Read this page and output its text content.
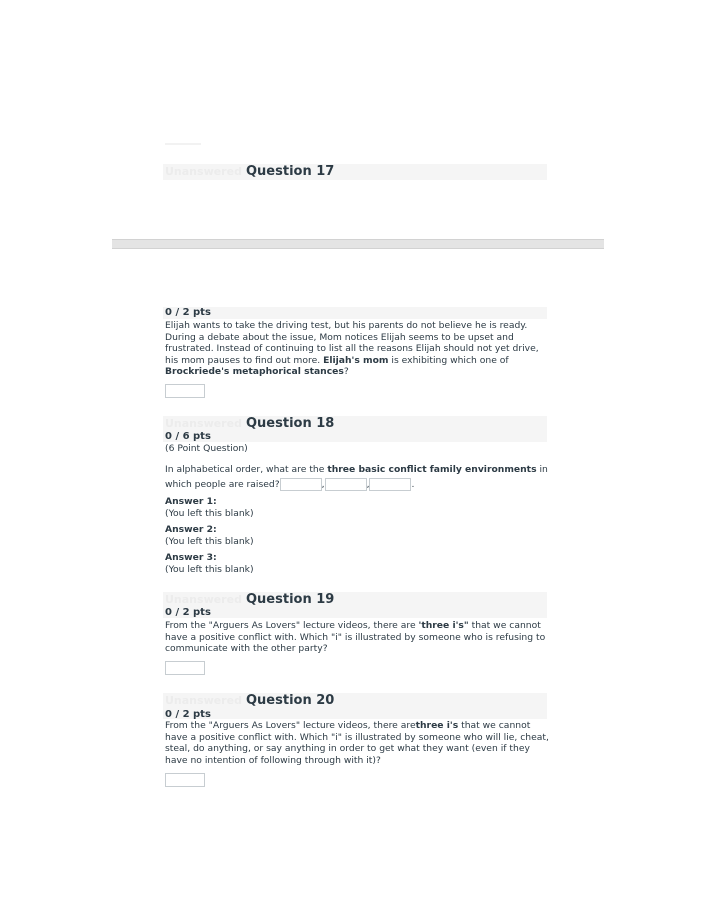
Unanswered Question 17
0 / 2 pts
Elijah wants to take the driving test, but his parents do not believe he is ready. During a debate about the issue, Mom notices Elijah seems to be upset and frustrated. Instead of continuing to list all the reasons Elijah should not yet drive, his mom pauses to find out more. Elijah's mom is exhibiting which one of Brockriede's metaphorical stances?
Unanswered Question 18
0 / 6 pts
(6 Point Question)
In alphabetical order, what are the three basic conflict family environments in which people are raised?	,	,	.
Answer 1:
(You left this blank)
Answer 2:
(You left this blank)
Answer 3:
(You left this blank)
Unanswered Question 19
0 / 2 pts
From the "Arguers As Lovers" lecture videos, there are 'three i's" that we cannot have a positive conflict with. Which "i" is illustrated by someone who is refusing to communicate with the other party?
Unanswered Question 20
0 / 2 pts
From the "Arguers As Lovers" lecture videos, there arethree i's that we cannot have a positive conflict with. Which "i" is illustrated by someone who will lie, cheat, steal, do anything, or say anything in order to get what they want (even if they have no intention of following through with it)?
